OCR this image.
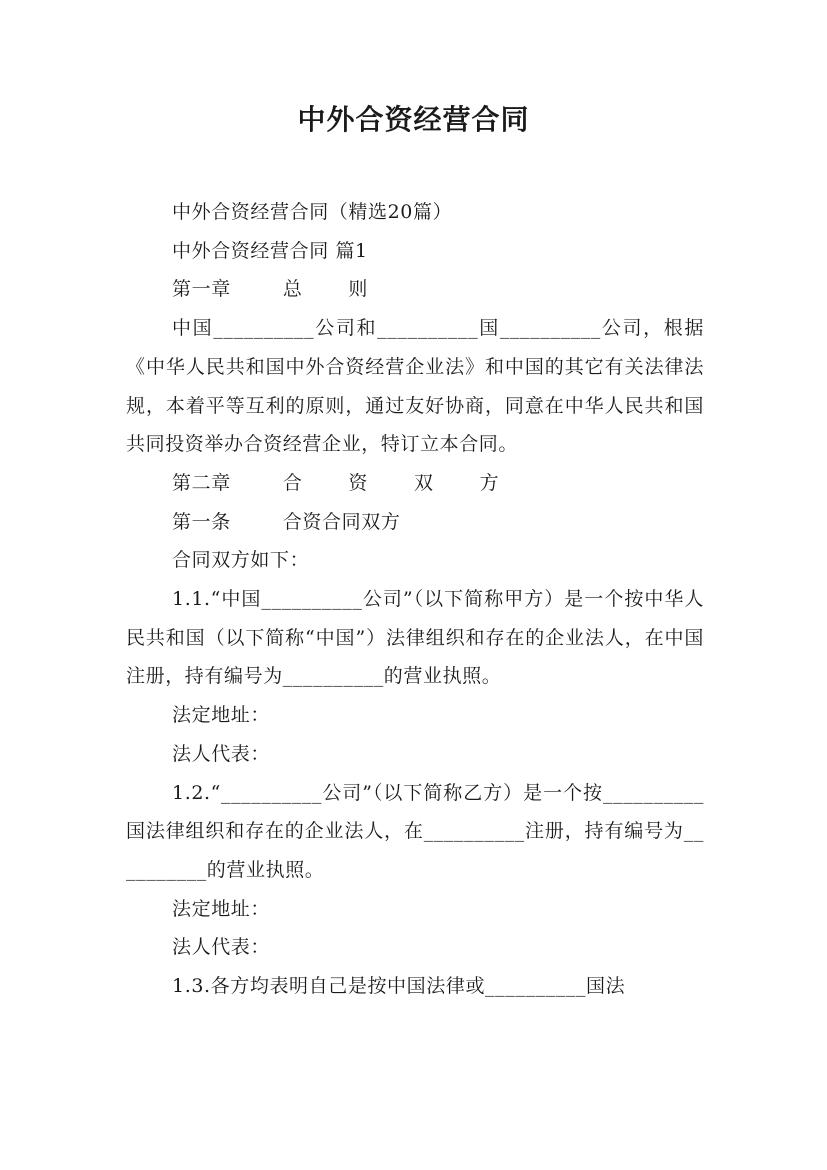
中外合资经营合同

中外合资经营合同（精选20篇）

中外合资经营合同 篇1

第一章	总 则

中国__________公司和__________国__________公司，根据《中华人民共和国中外合资经营企业法》和中国的其它有关法律法规，本着平等互利的原则，通过友好协商，同意在中华人民共和国共同投资举办合资经营企业，特订立本合同。

第二章	合 资 双 方
第一条	合资合同双方

合同双方如下：

1.1.“中国__________公司”（以下简称甲方）是一个按中华人民共和国（以下简称“中国”）法律组织和存在的企业法人，在中国注册，持有编号为__________的营业执照。

法定地址：

法人代表：

1.2.“__________公司”（以下简称乙方）是一个按__________国法律组织和存在的企业法人，在__________注册，持有编号为__________的营业执照。

法定地址：

法人代表：

1.3.各方均表明自己是按中国法律或__________国法
